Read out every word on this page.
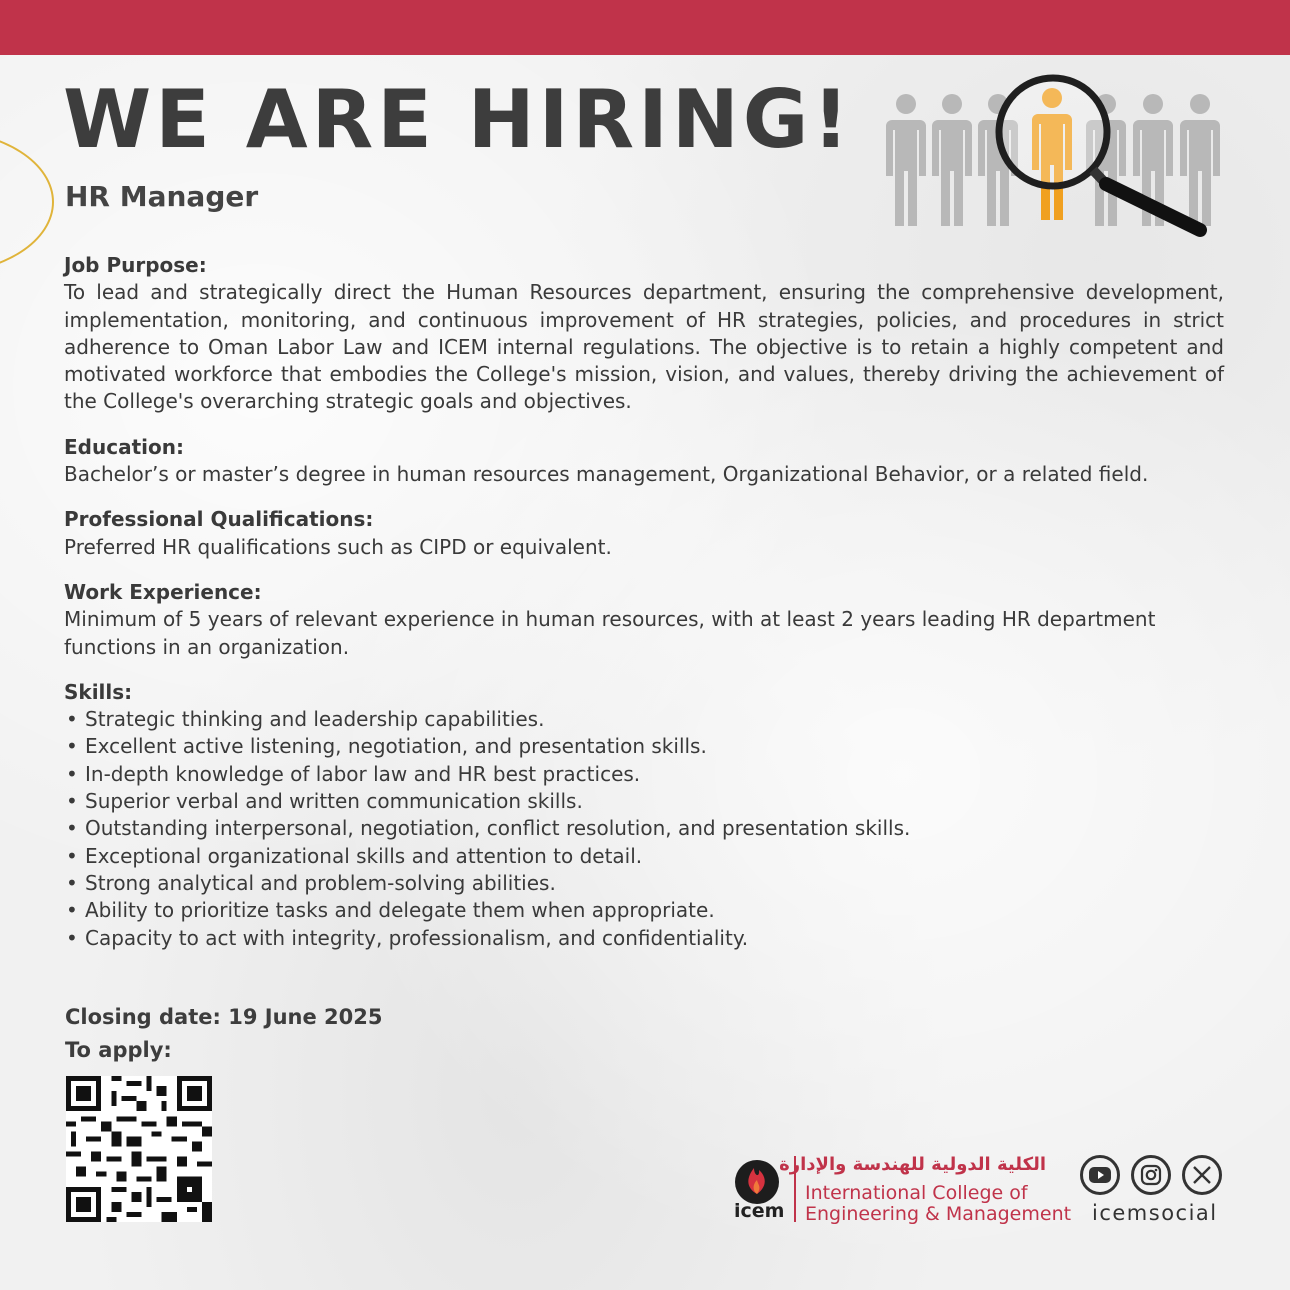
WE ARE HIRING!
HR Manager

Job Purpose:

To lead and strategically direct the Human Resources department, ensuring the comprehensive development, implementation, monitoring, and continuous improvement of HR strategies, policies, and procedures in strict adherence to Oman Labor Law and ICEM internal regulations. The objective is to retain a highly competent and motivated workforce that embodies the College's mission, vision, and values, thereby driving the achievement of the College's overarching strategic goals and objectives.

Education:

Bachelor’s or master’s degree in human resources management, Organizational Behavior, or a related field.

Professional Qualifications:

Preferred HR qualifications such as CIPD or equivalent.

Work Experience:

Minimum of 5 years of relevant experience in human resources, with at least 2 years leading HR department functions in an organization.

Skills:

• Strategic thinking and leadership capabilities.
• Excellent active listening, negotiation, and presentation skills.
• In-depth knowledge of labor law and HR best practices.
• Superior verbal and written communication skills.
• Outstanding interpersonal, negotiation, conflict resolution, and presentation skills.
• Exceptional organizational skills and attention to detail.
• Strong analytical and problem-solving abilities.
• Ability to prioritize tasks and delegate them when appropriate.
• Capacity to act with integrity, professionalism, and confidentiality.
Closing date: 19 June 2025
To apply:
icem
الكلية الدولية للهندسة والإدارة
International College of
Engineering & Management icemsocial
